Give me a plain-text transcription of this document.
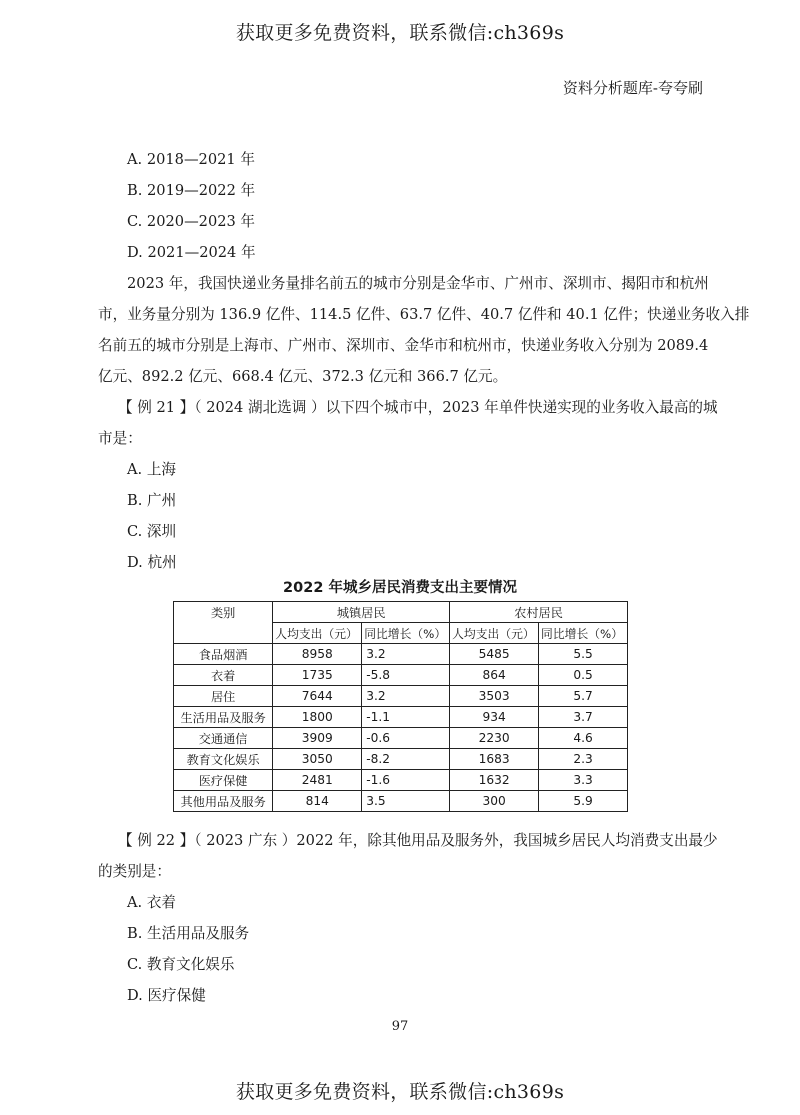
获取更多免费资料，联系微信:ch369s
资料分析题库-夸夸刷
A. 2018—2021 年
B. 2019—2022 年
C. 2020—2023 年
D. 2021—2024 年
2023 年，我国快递业务量排名前五的城市分别是金华市、广州市、深圳市、揭阳市和杭州
市，业务量分别为 136.9 亿件、114.5 亿件、63.7 亿件、40.7 亿件和 40.1 亿件；快递业务收入排
名前五的城市分别是上海市、广州市、深圳市、金华市和杭州市，快递业务收入分别为 2089.4
亿元、892.2 亿元、668.4 亿元、372.3 亿元和 366.7 亿元。
【 例 21 】（ 2024 湖北选调 ）以下四个城市中，2023 年单件快递实现的业务收入最高的城
市是：
A. 上海
B. 广州
C. 深圳
D. 杭州
2022 年城乡居民消费支出主要情况
类别	城镇居民		农村居民	
	人均支出（元）	同比增长（%）	人均支出（元）	同比增长（%）
食品烟酒	8958	3.2	5485	5.5
衣着	1735	-5.8	864	0.5
居住	7644	3.2	3503	5.7
生活用品及服务	1800	-1.1	934	3.7
交通通信	3909	-0.6	2230	4.6
教育文化娱乐	3050	-8.2	1683	2.3
医疗保健	2481	-1.6	1632	3.3
其他用品及服务	814	3.5	300	5.9
【 例 22 】（ 2023 广东 ）2022 年，除其他用品及服务外，我国城乡居民人均消费支出最少
的类别是：
A. 衣着
B. 生活用品及服务
C. 教育文化娱乐
D. 医疗保健
97
获取更多免费资料，联系微信:ch369s
